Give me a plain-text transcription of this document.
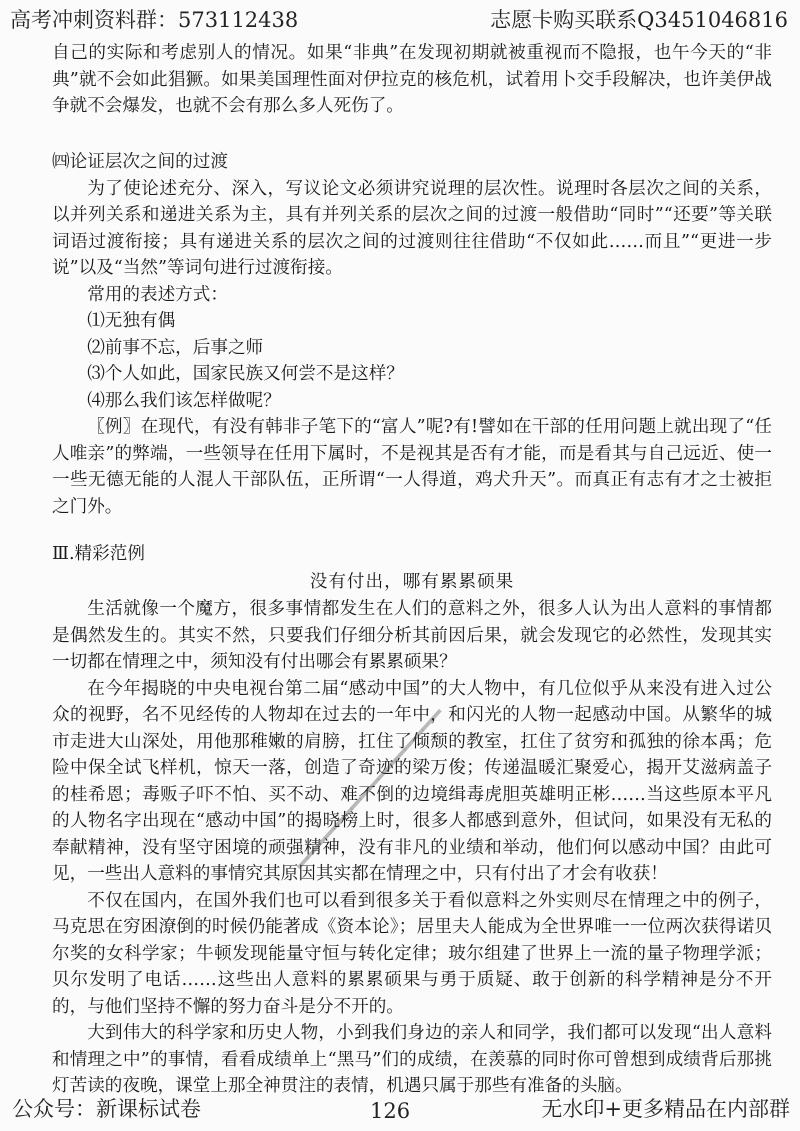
高考冲刺资料群：573112438	志愿卡购买联系Q3451046816

自己的实际和考虑别人的情况。如果“非典”在发现初期就被重视而不隐报，也午今天的“非典”就不会如此猖獗。如果美国理性面对伊拉克的核危机，试着用卜交手段解决，也许美伊战争就不会爆发，也就不会有那么多人死伤了。

㈣论证层次之间的过渡

为了使论述充分、深入，写议论文必须讲究说理的层次性。说理时各层次之间的关系，以并列关系和递进关系为主，具有并列关系的层次之间的过渡一般借助“同时”“还要”等关联词语过渡衔接；具有递进关系的层次之间的过渡则往往借助“不仅如此……而且”“更进一步说”以及“当然”等词句进行过渡衔接。

常用的表述方式：

⑴无独有偶

⑵前事不忘，后事之师

⑶个人如此，国家民族又何尝不是这样？

⑷那么我们该怎样做呢？

〖例〗在现代，有没有韩非子笔下的“富人”呢?有!譬如在干部的任用问题上就出现了“任人唯亲”的弊端，一些领导在任用下属时，不是视其是否有才能，而是看其与自己远近、使一一些无德无能的人混人干部队伍，正所谓“一人得道，鸡犬升天”。而真正有志有才之士被拒之门外。

Ⅲ.精彩范例
没有付出，哪有累累硕果

生活就像一个魔方，很多事情都发生在人们的意料之外，很多人认为出人意料的事情都是偶然发生的。其实不然，只要我们仔细分析其前因后果，就会发现它的必然性，发现其实一切都在情理之中，须知没有付出哪会有累累硕果？

在今年揭晓的中央电视台第二届“感动中国”的大人物中，有几位似乎从来没有进入过公众的视野，名不见经传的人物却在过去的一年中，和闪光的人物一起感动中国。从繁华的城市走进大山深处，用他那稚嫩的肩膀，扛住了倾颓的教室，扛住了贫穷和孤独的徐本禹；危险中保全试飞样机，惊天一落，创造了奇迹的梁万俊；传递温暖汇聚爱心，揭开艾滋病盖子的桂希恩；毒贩子吓不怕、买不动、难不倒的边境缉毒虎胆英雄明正彬……当这些原本平凡的人物名字出现在“感动中国”的揭晓榜上时，很多人都感到意外，但试问，如果没有无私的奉献精神，没有坚守困境的顽强精神，没有非凡的业绩和举动，他们何以感动中国？由此可见，一些出人意料的事情究其原因其实都在情理之中，只有付出了才会有收获！

不仅在国内，在国外我们也可以看到很多关于看似意料之外实则尽在情理之中的例子，马克思在穷困潦倒的时候仍能著成《资本论》；居里夫人能成为全世界唯一一位两次获得诺贝尔奖的女科学家；牛顿发现能量守恒与转化定律；玻尔组建了世界上一流的量子物理学派；贝尔发明了电话……这些出人意料的累累硕果与勇于质疑、敢于创新的科学精神是分不开的，与他们坚持不懈的努力奋斗是分不开的。

大到伟大的科学家和历史人物，小到我们身边的亲人和同学，我们都可以发现“出人意料和情理之中”的事情，看看成绩单上“黑马”们的成绩，在羡慕的同时你可曾想到成绩背后那挑灯苦读的夜晚，课堂上那全神贯注的表情，机遇只属于那些有准备的头脑。

━━━━━━━━━━━━━━━━
公众号：新课标试卷	126	无水印+更多精品在内部群
